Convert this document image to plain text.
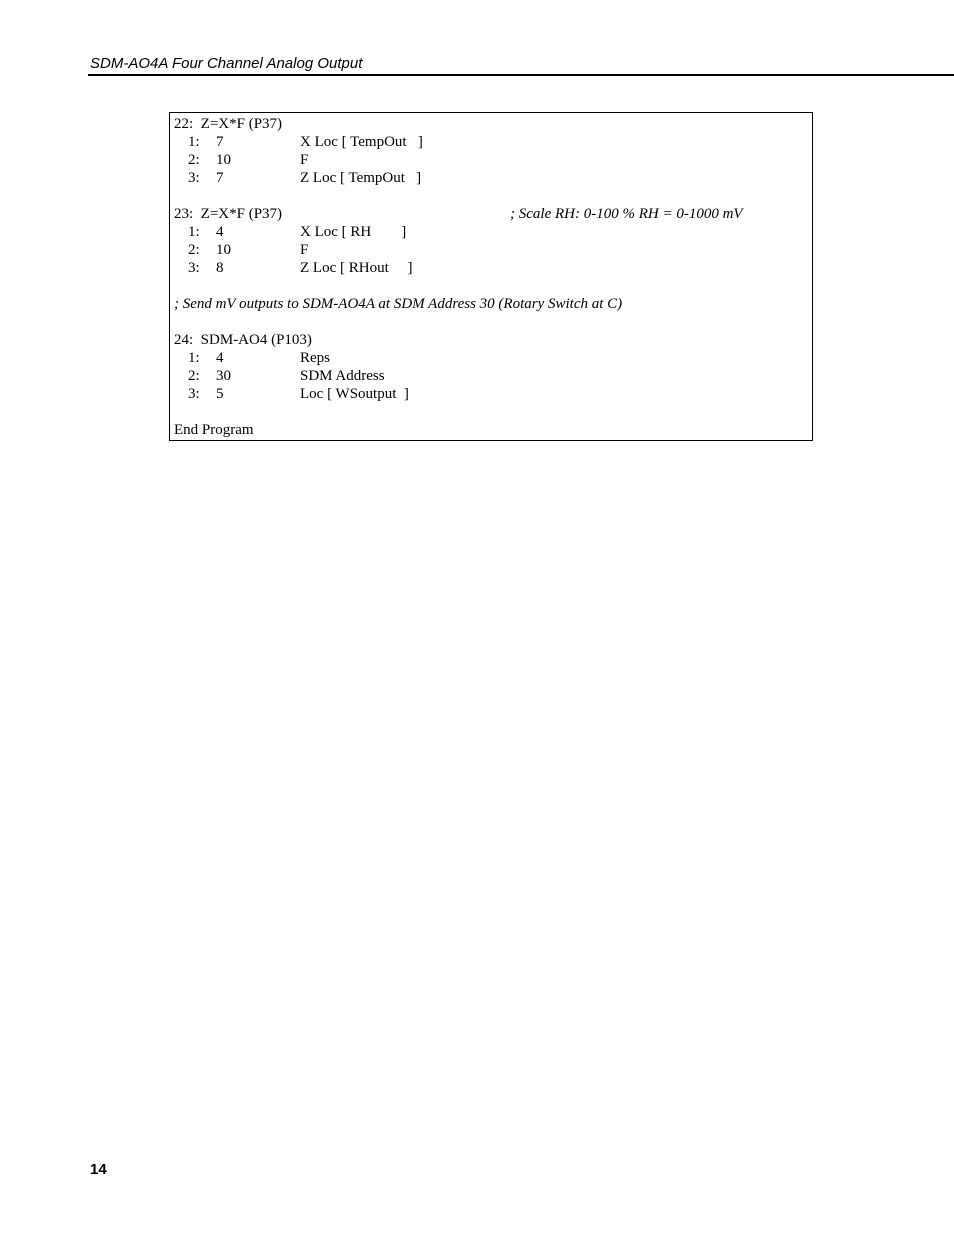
SDM-AO4A Four Channel Analog Output
22:  Z=X*F (P37)
1: 7	X Loc [ TempOut   ]
2: 10	F
3: 7	Z Loc [ TempOut   ]
23:  Z=X*F (P37)	; Scale RH: 0-100 % RH = 0-1000 mV
1: 4	X Loc [ RH        ]
2: 10	F
3: 8	Z Loc [ RHout     ]
; Send mV outputs to SDM-AO4A at SDM Address 30 (Rotary Switch at C)
24:  SDM-AO4 (P103)
1: 4	Reps
2: 30	SDM Address
3: 5	Loc [ WSoutput  ]
End Program
14
